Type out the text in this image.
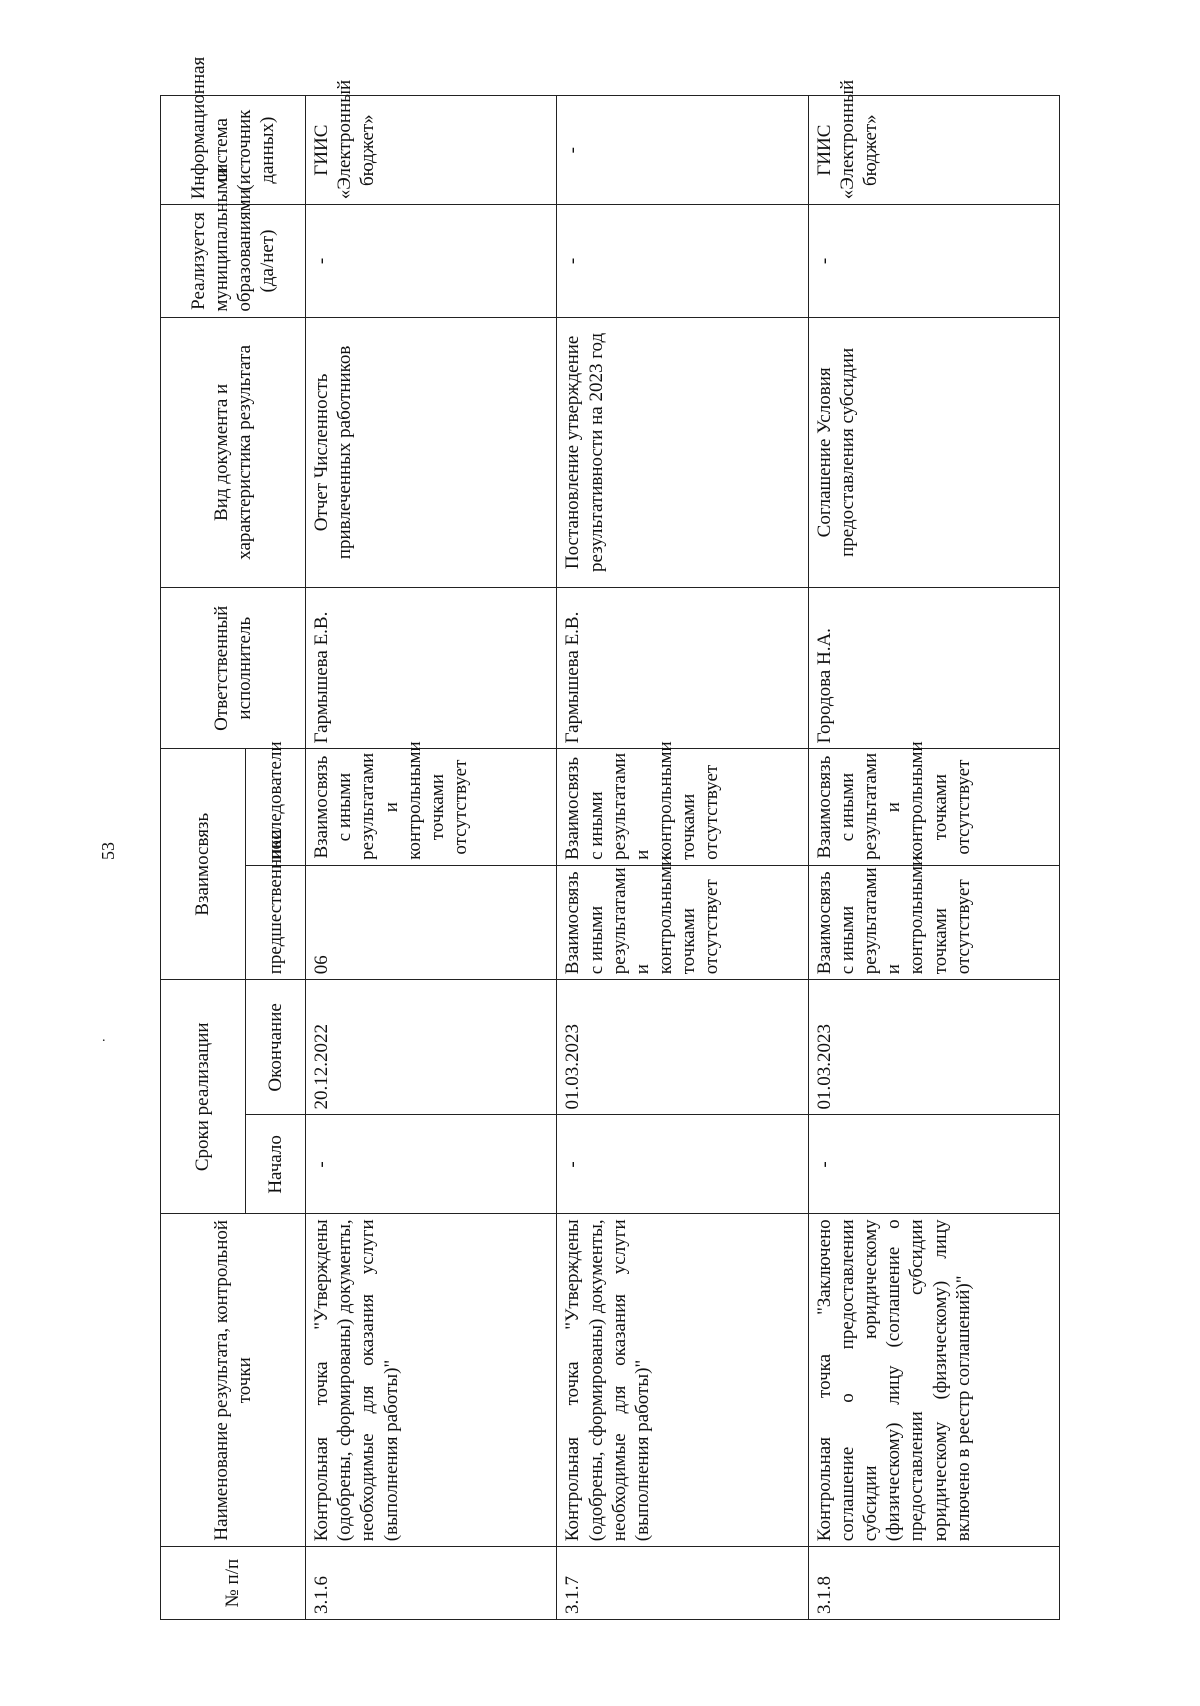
53
.
№ п/п	Наименование результата, контрольной точки	Сроки реализации		Взаимосвязь		Ответственный исполнитель	Вид документа и характеристика результата	Реализуется муниципальными образованиями (да/нет)	Информационная система (источник данных)
		Начало	Окончание	предшественники	последователи				
3.1.6	Контрольная точка "Утверждены (одобрены, сформированы) документы, необходимые для оказания услуги (выполнения работы)"	-	20.12.2022	06	Взаимосвязь с иными результатами и контрольными точками отсутствует	Гармышева Е.В.	Отчет Численность привлеченных работников	-	ГИИС «Электронный бюджет»
3.1.7	Контрольная точка "Утверждены (одобрены, сформированы) документы, необходимые для оказания услуги (выполнения работы)"	-	01.03.2023	Взаимосвязь с иными результатами и контрольными точками отсутствует	Взаимосвязь с иными результатами и контрольными точками отсутствует	Гармышева Е.В.	Постановление утверждение результативности на 2023 год	-	-
3.1.8	Контрольная точка "Заключено соглашение о предоставлении субсидии юридическому (физическому) лицу (соглашение о предоставлении субсидии юридическому (физическому) лицу включено в реестр соглашений)"	-	01.03.2023	Взаимосвязь с иными результатами и контрольными точками отсутствует	Взаимосвязь с иными результатами и контрольными точками отсутствует	Городова Н.А.	Соглашение Условия предоставления субсидии	-	ГИИС «Электронный бюджет»
